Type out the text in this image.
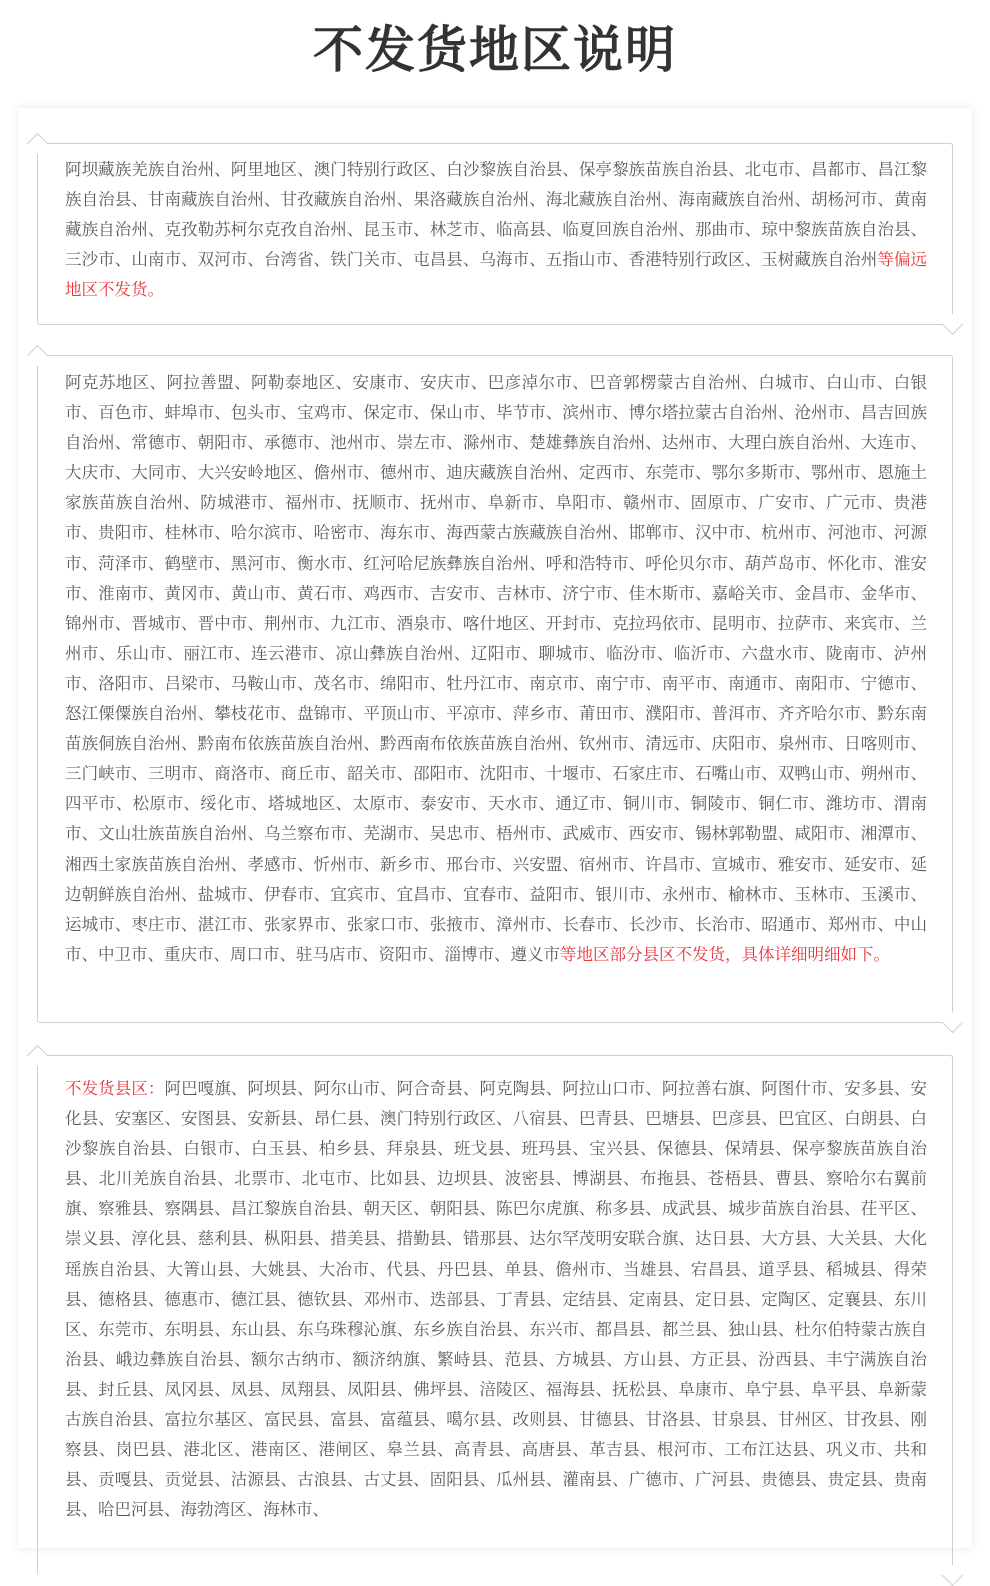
不发货地区说明
阿坝藏族羌族自治州、阿里地区、澳门特别行政区、白沙黎族自治县、保亭黎族苗族自治县、北屯市、昌都市、昌江黎族自治县、甘南藏族自治州、甘孜藏族自治州、果洛藏族自治州、海北藏族自治州、海南藏族自治州、胡杨河市、黄南藏族自治州、克孜勒苏柯尔克孜自治州、昆玉市、林芝市、临高县、临夏回族自治州、那曲市、琼中黎族苗族自治县、三沙市、山南市、双河市、台湾省、铁门关市、屯昌县、乌海市、五指山市、香港特别行政区、玉树藏族自治州等偏远地区不发货。
阿克苏地区、阿拉善盟、阿勒泰地区、安康市、安庆市、巴彦淖尔市、巴音郭楞蒙古自治州、白城市、白山市、白银市、百色市、蚌埠市、包头市、宝鸡市、保定市、保山市、毕节市、滨州市、博尔塔拉蒙古自治州、沧州市、昌吉回族自治州、常德市、朝阳市、承德市、池州市、崇左市、滁州市、楚雄彝族自治州、达州市、大理白族自治州、大连市、大庆市、大同市、大兴安岭地区、儋州市、德州市、迪庆藏族自治州、定西市、东莞市、鄂尔多斯市、鄂州市、恩施土家族苗族自治州、防城港市、福州市、抚顺市、抚州市、阜新市、阜阳市、赣州市、固原市、广安市、广元市、贵港市、贵阳市、桂林市、哈尔滨市、哈密市、海东市、海西蒙古族藏族自治州、邯郸市、汉中市、杭州市、河池市、河源市、菏泽市、鹤壁市、黑河市、衡水市、红河哈尼族彝族自治州、呼和浩特市、呼伦贝尔市、葫芦岛市、怀化市、淮安市、淮南市、黄冈市、黄山市、黄石市、鸡西市、吉安市、吉林市、济宁市、佳木斯市、嘉峪关市、金昌市、金华市、锦州市、晋城市、晋中市、荆州市、九江市、酒泉市、喀什地区、开封市、克拉玛依市、昆明市、拉萨市、来宾市、兰州市、乐山市、丽江市、连云港市、凉山彝族自治州、辽阳市、聊城市、临汾市、临沂市、六盘水市、陇南市、泸州市、洛阳市、吕梁市、马鞍山市、茂名市、绵阳市、牡丹江市、南京市、南宁市、南平市、南通市、南阳市、宁德市、怒江傈僳族自治州、攀枝花市、盘锦市、平顶山市、平凉市、萍乡市、莆田市、濮阳市、普洱市、齐齐哈尔市、黔东南苗族侗族自治州、黔南布依族苗族自治州、黔西南布依族苗族自治州、钦州市、清远市、庆阳市、泉州市、日喀则市、三门峡市、三明市、商洛市、商丘市、韶关市、邵阳市、沈阳市、十堰市、石家庄市、石嘴山市、双鸭山市、朔州市、四平市、松原市、绥化市、塔城地区、太原市、泰安市、天水市、通辽市、铜川市、铜陵市、铜仁市、潍坊市、渭南市、文山壮族苗族自治州、乌兰察布市、芜湖市、吴忠市、梧州市、武威市、西安市、锡林郭勒盟、咸阳市、湘潭市、湘西土家族苗族自治州、孝感市、忻州市、新乡市、邢台市、兴安盟、宿州市、许昌市、宣城市、雅安市、延安市、延边朝鲜族自治州、盐城市、伊春市、宜宾市、宜昌市、宜春市、益阳市、银川市、永州市、榆林市、玉林市、玉溪市、运城市、枣庄市、湛江市、张家界市、张家口市、张掖市、漳州市、长春市、长沙市、长治市、昭通市、郑州市、中山市、中卫市、重庆市、周口市、驻马店市、资阳市、淄博市、遵义市等地区部分县区不发货，具体详细明细如下。
不发货县区：阿巴嘎旗、阿坝县、阿尔山市、阿合奇县、阿克陶县、阿拉山口市、阿拉善右旗、阿图什市、安多县、安化县、安塞区、安图县、安新县、昂仁县、澳门特别行政区、八宿县、巴青县、巴塘县、巴彦县、巴宜区、白朗县、白沙黎族自治县、白银市、白玉县、柏乡县、拜泉县、班戈县、班玛县、宝兴县、保德县、保靖县、保亭黎族苗族自治县、北川羌族自治县、北票市、北屯市、比如县、边坝县、波密县、博湖县、布拖县、苍梧县、曹县、察哈尔右翼前旗、察雅县、察隅县、昌江黎族自治县、朝天区、朝阳县、陈巴尔虎旗、称多县、成武县、城步苗族自治县、茌平区、崇义县、淳化县、慈利县、枞阳县、措美县、措勤县、错那县、达尔罕茂明安联合旗、达日县、大方县、大关县、大化瑶族自治县、大箐山县、大姚县、大冶市、代县、丹巴县、单县、儋州市、当雄县、宕昌县、道孚县、稻城县、得荣县、德格县、德惠市、德江县、德钦县、邓州市、迭部县、丁青县、定结县、定南县、定日县、定陶区、定襄县、东川区、东莞市、东明县、东山县、东乌珠穆沁旗、东乡族自治县、东兴市、都昌县、都兰县、独山县、杜尔伯特蒙古族自治县、峨边彝族自治县、额尔古纳市、额济纳旗、繁峙县、范县、方城县、方山县、方正县、汾西县、丰宁满族自治县、封丘县、凤冈县、凤县、凤翔县、凤阳县、佛坪县、涪陵区、福海县、抚松县、阜康市、阜宁县、阜平县、阜新蒙古族自治县、富拉尔基区、富民县、富县、富蕴县、噶尔县、改则县、甘德县、甘洛县、甘泉县、甘州区、甘孜县、刚察县、岗巴县、港北区、港南区、港闸区、皋兰县、高青县、高唐县、革吉县、根河市、工布江达县、巩义市、共和县、贡嘎县、贡觉县、沽源县、古浪县、古丈县、固阳县、瓜州县、灌南县、广德市、广河县、贵德县、贵定县、贵南县、哈巴河县、海勃湾区、海林市、
